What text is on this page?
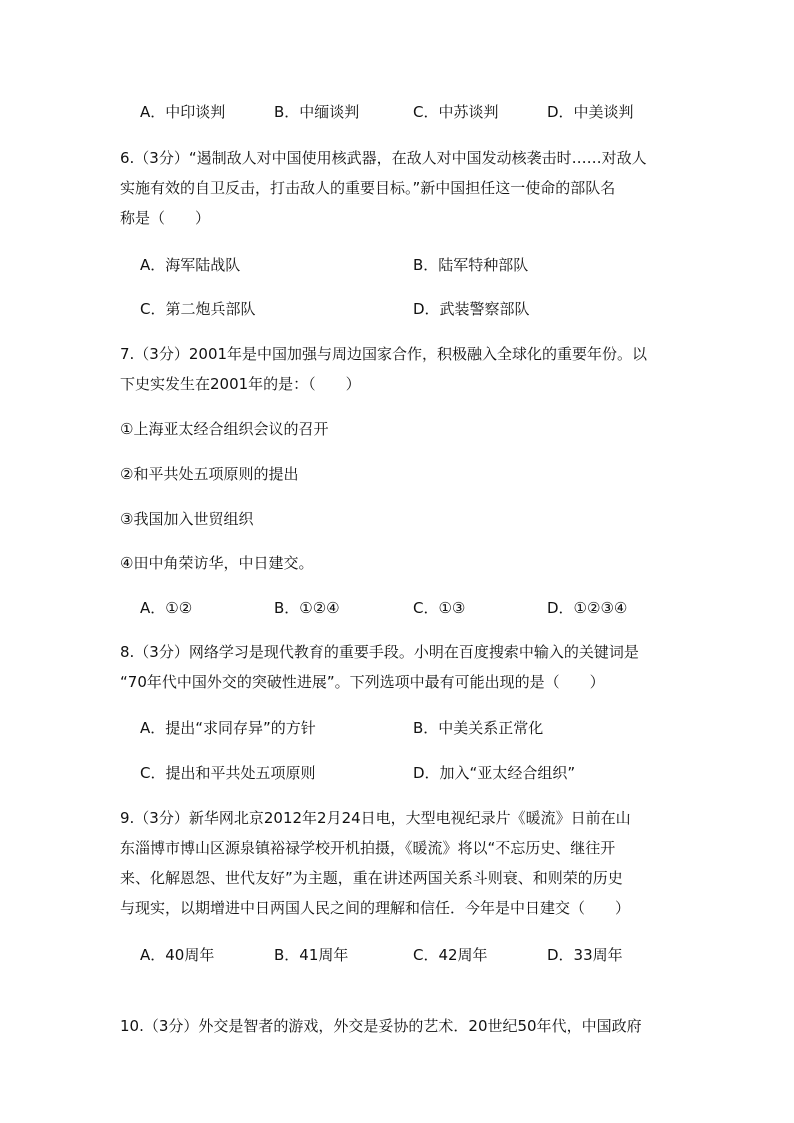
A．中印谈判	B．中缅谈判	C．中苏谈判	D．中美谈判
6.（3分）“遏制敌人对中国使用核武器，在敌人对中国发动核袭击时……对敌人
实施有效的自卫反击，打击敌人的重要目标。”新中国担任这一使命的部队名
称是（　　）
A．海军陆战队	B．陆军特种部队
C．第二炮兵部队	D．武装警察部队
7.（3分）2001年是中国加强与周边国家合作，积极融入全球化的重要年份。以
下史实发生在2001年的是：（　　）
①上海亚太经合组织会议的召开
②和平共处五项原则的提出
③我国加入世贸组织
④田中角荣访华，中日建交。
A．①②	B．①②④	C．①③	D．①②③④
8.（3分）网络学习是现代教育的重要手段。小明在百度搜索中输入的关键词是
“70年代中国外交的突破性进展”。下列选项中最有可能出现的是（　　）
A．提出“求同存异”的方针	B．中美关系正常化
C．提出和平共处五项原则	D．加入“亚太经合组织”
9.（3分）新华网北京2012年2月24日电，大型电视纪录片《暖流》日前在山
东淄博市博山区源泉镇裕禄学校开机拍摄，《暖流》将以“不忘历史、继往开
来、化解恩怨、世代友好”为主题，重在讲述两国关系斗则衰、和则荣的历史
与现实，以期增进中日两国人民之间的理解和信任．今年是中日建交（　　）
A．40周年	B．41周年	C．42周年	D．33周年
10.（3分）外交是智者的游戏，外交是妥协的艺术．20世纪50年代，中国政府
